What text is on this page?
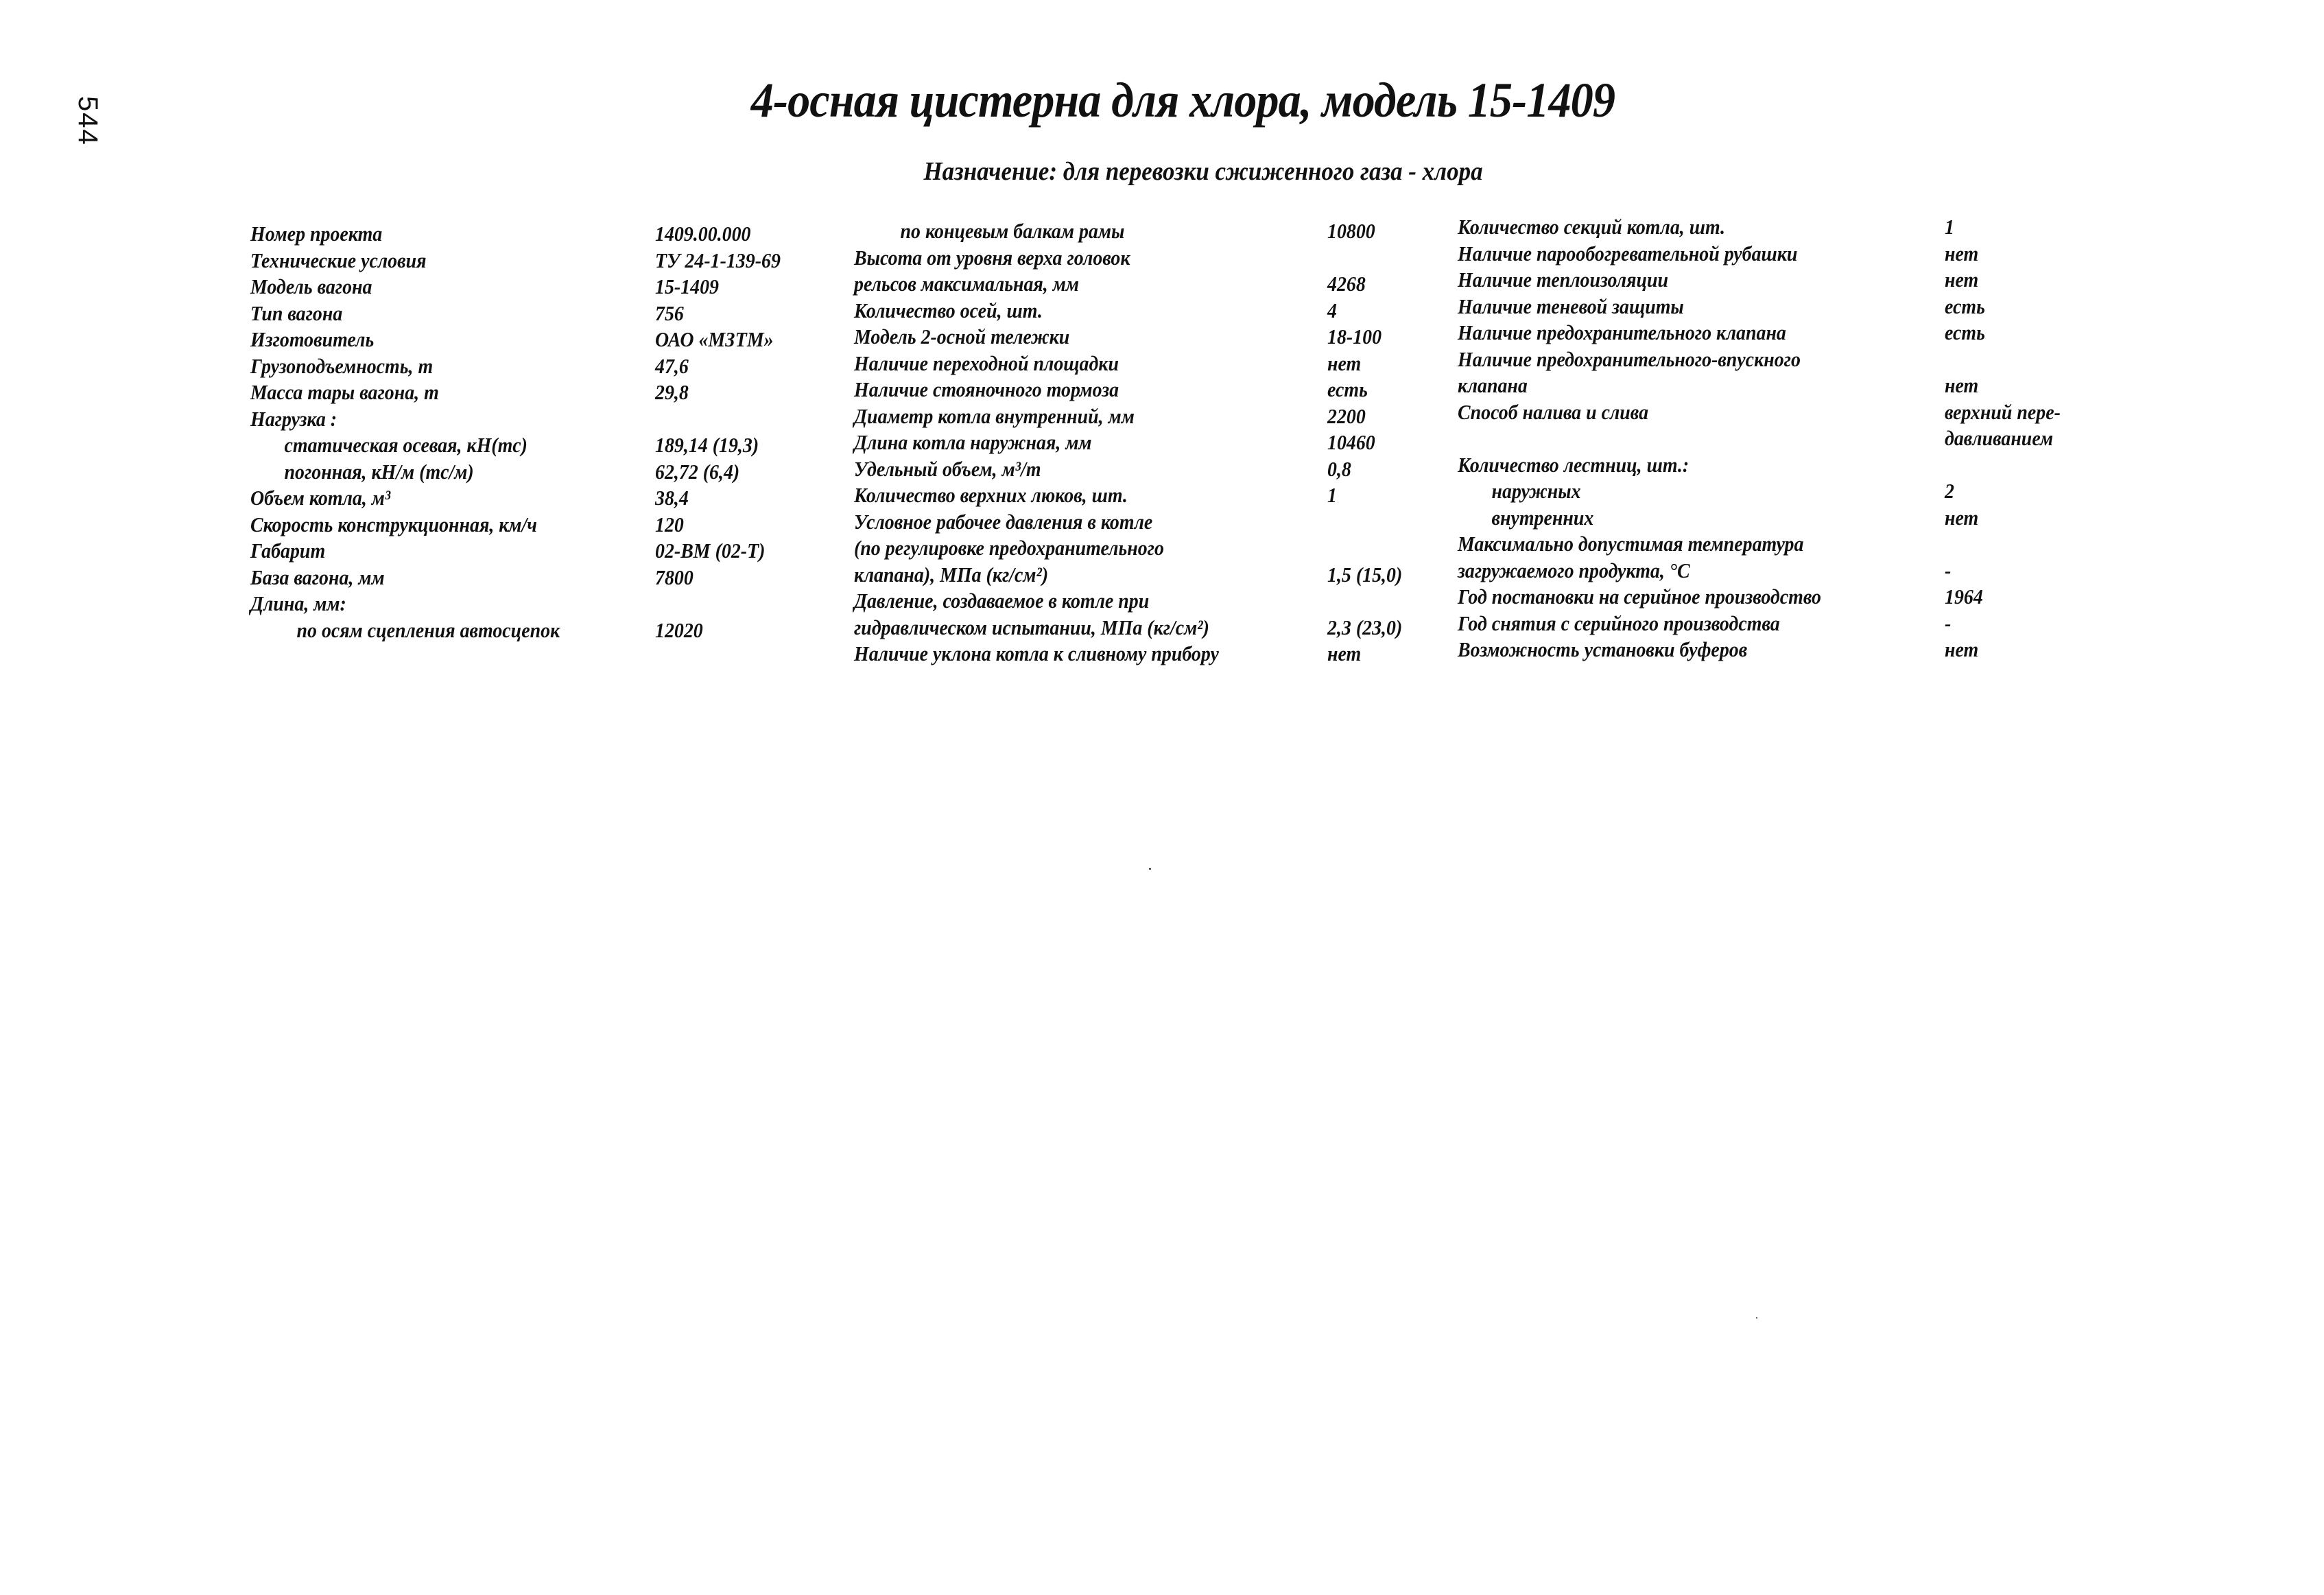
544	4-осная цистерна для хлора, модель 15-1409
Назначение: для перевозки сжиженного газа - хлора
Номер проекта	1409.00.000
Технические условия	ТУ 24-1-139-69
Модель вагона	15-1409
Тип вагона	756
Изготовитель	ОАО «МЗТМ»
Грузоподъемность, т	47,6
Масса тары вагона, т	29,8
Нагрузка :
статическая осевая, кН(тс)	189,14 (19,3)
погонная, кН/м (тс/м)	62,72 (6,4)
Объем котла, м³	38,4
Скорость конструкционная, км/ч	120
Габарит	02-ВМ (02-Т)
База вагона, мм	7800
Длина, мм:
по осям сцепления автосцепок	12020
по концевым балкам рамы	10800
Высота от уровня верха головок
рельсов максимальная, мм	4268
Количество осей, шт.	4
Модель 2-осной тележки	18-100
Наличие переходной площадки	нет
Наличие стояночного тормоза	есть
Диаметр котла внутренний, мм	2200
Длина котла наружная, мм	10460
Удельный объем, м³/т	0,8
Количество верхних люков, шт.	1
Условное рабочее давления в котле
(по регулировке предохранительного
клапана), МПа (кг/см²)	1,5 (15,0)
Давление, создаваемое в котле при
гидравлическом испытании, МПа (кг/см²)	2,3 (23,0)
Наличие уклона котла к сливному прибору	нет
Количество секций котла, шт.	1
Наличие парообогревательной рубашки	нет
Наличие теплоизоляции	нет
Наличие теневой защиты	есть
Наличие предохранительного клапана	есть
Наличие предохранительного-впускного
клапана	нет
Способ налива и слива	верхний пере-
давливанием
Количество лестниц, шт.:
наружных	2
внутренних	нет
Максимально допустимая температура
загружаемого продукта, °С	-
Год постановки на серийное производство	1964
Год снятия с серийного производства	-
Возможность установки буферов	нет
